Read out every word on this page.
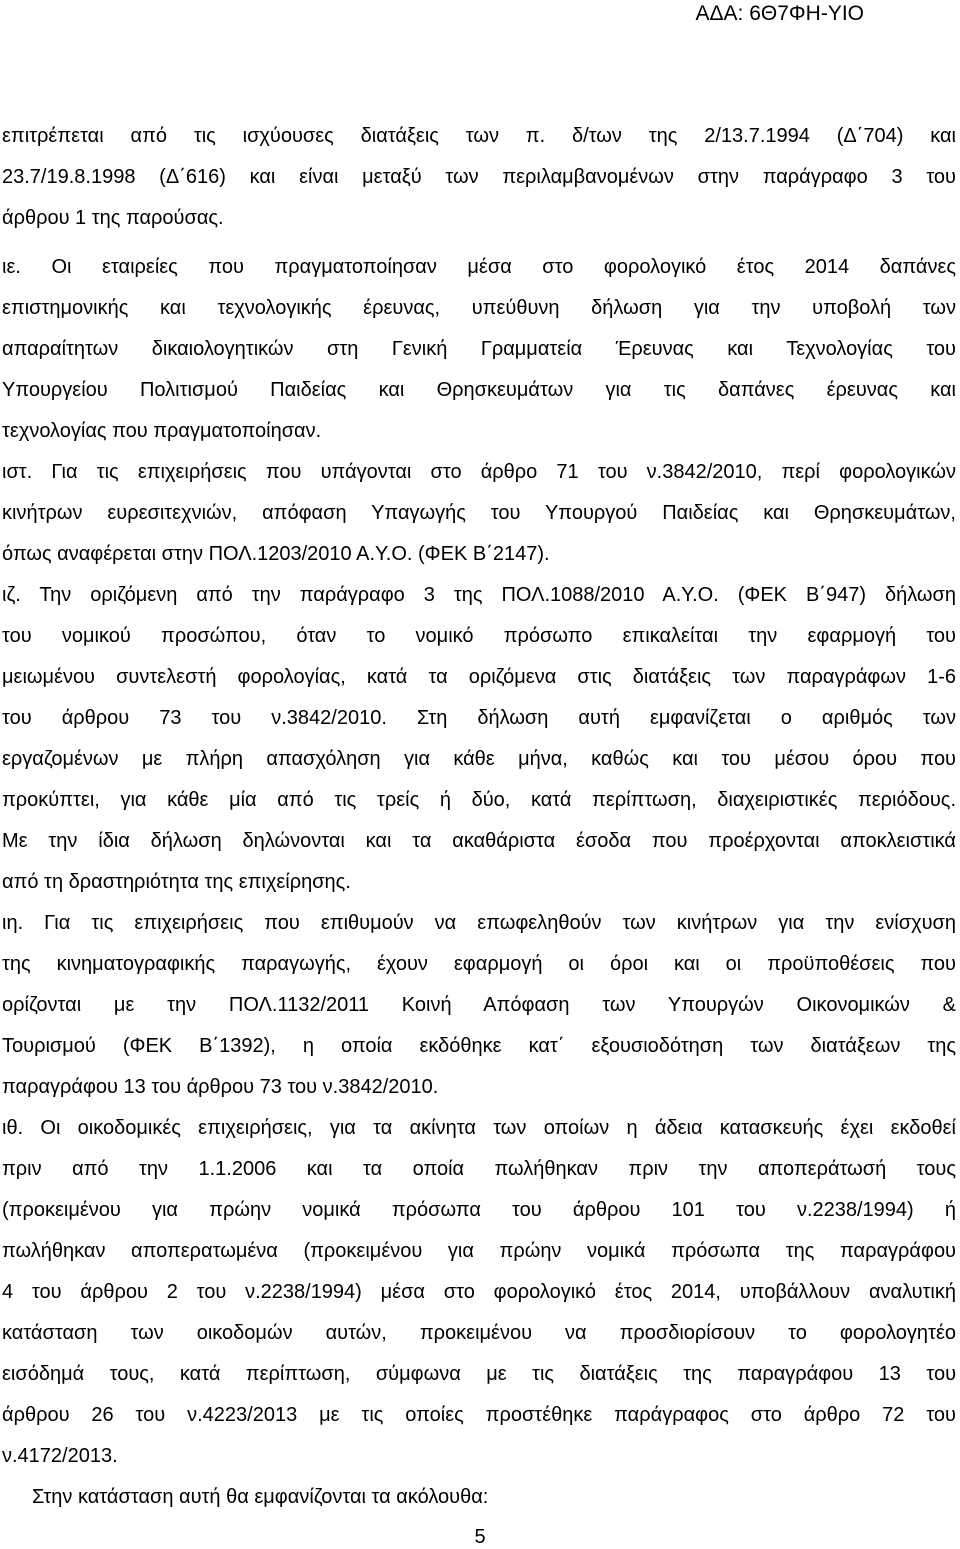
ΑΔΑ: 6Θ7ΦΗ-ΥΙΟ
επιτρέπεται από τις ισχύουσες διατάξεις των π. δ/των της 2/13.7.1994 (Δ΄704) και
23.7/19.8.1998 (Δ΄616) και είναι μεταξύ των περιλαμβανομένων στην παράγραφο 3 του
άρθρου 1 της παρούσας.
ιε. Οι εταιρείες που πραγματοποίησαν μέσα στο φορολογικό έτος 2014 δαπάνες
επιστημονικής και τεχνολογικής έρευνας, υπεύθυνη δήλωση για την υποβολή των
απαραίτητων δικαιολογητικών στη Γενική Γραμματεία Έρευνας και Τεχνολογίας του
Υπουργείου Πολιτισμού Παιδείας και Θρησκευμάτων για τις δαπάνες έρευνας και
τεχνολογίας που πραγματοποίησαν.
ιστ. Για τις επιχειρήσεις που υπάγονται στο άρθρο 71 του ν.3842/2010, περί φορολογικών
κινήτρων ευρεσιτεχνιών, απόφαση Υπαγωγής του Υπουργού Παιδείας και Θρησκευμάτων,
όπως αναφέρεται στην ΠΟΛ.1203/2010 Α.Υ.Ο. (ΦΕΚ Β΄2147).
ιζ. Την οριζόμενη από την παράγραφο 3 της ΠΟΛ.1088/2010 Α.Υ.Ο. (ΦΕΚ Β΄947) δήλωση
του νομικού προσώπου, όταν το νομικό πρόσωπο επικαλείται την εφαρμογή του
μειωμένου συντελεστή φορολογίας, κατά τα οριζόμενα στις διατάξεις των παραγράφων 1-6
του άρθρου 73 του ν.3842/2010. Στη δήλωση αυτή εμφανίζεται ο αριθμός των
εργαζομένων με πλήρη απασχόληση για κάθε μήνα, καθώς και του μέσου όρου που
προκύπτει, για κάθε μία από τις τρείς ή δύο, κατά περίπτωση, διαχειριστικές περιόδους.
Με την ίδια δήλωση δηλώνονται και τα ακαθάριστα έσοδα που προέρχονται αποκλειστικά
από τη δραστηριότητα της επιχείρησης.
ιη. Για τις επιχειρήσεις που επιθυμούν να επωφεληθούν των κινήτρων για την ενίσχυση
της κινηματογραφικής παραγωγής, έχουν εφαρμογή οι όροι και οι προϋποθέσεις που
ορίζονται με την ΠΟΛ.1132/2011 Κοινή Απόφαση των Υπουργών Οικονομικών &
Τουρισμού (ΦΕΚ Β΄1392), η οποία εκδόθηκε κατ΄ εξουσιοδότηση των διατάξεων της
παραγράφου 13 του άρθρου 73 του ν.3842/2010.
ιθ. Οι οικοδομικές επιχειρήσεις, για τα ακίνητα των οποίων η άδεια κατασκευής έχει εκδοθεί
πριν από την 1.1.2006 και τα οποία πωλήθηκαν πριν την αποπεράτωσή τους
(προκειμένου για πρώην νομικά πρόσωπα του άρθρου 101 του ν.2238/1994) ή
πωλήθηκαν αποπερατωμένα (προκειμένου για πρώην νομικά πρόσωπα της παραγράφου
4 του άρθρου 2 του ν.2238/1994) μέσα στο φορολογικό έτος 2014, υποβάλλουν αναλυτική
κατάσταση των οικοδομών αυτών, προκειμένου να προσδιορίσουν το φορολογητέο
εισόδημά τους, κατά περίπτωση, σύμφωνα με τις διατάξεις της παραγράφου 13 του
άρθρου 26 του ν.4223/2013 με τις οποίες προστέθηκε παράγραφος στο άρθρο 72 του
ν.4172/2013.
Στην κατάσταση αυτή θα εμφανίζονται τα ακόλουθα:
5
